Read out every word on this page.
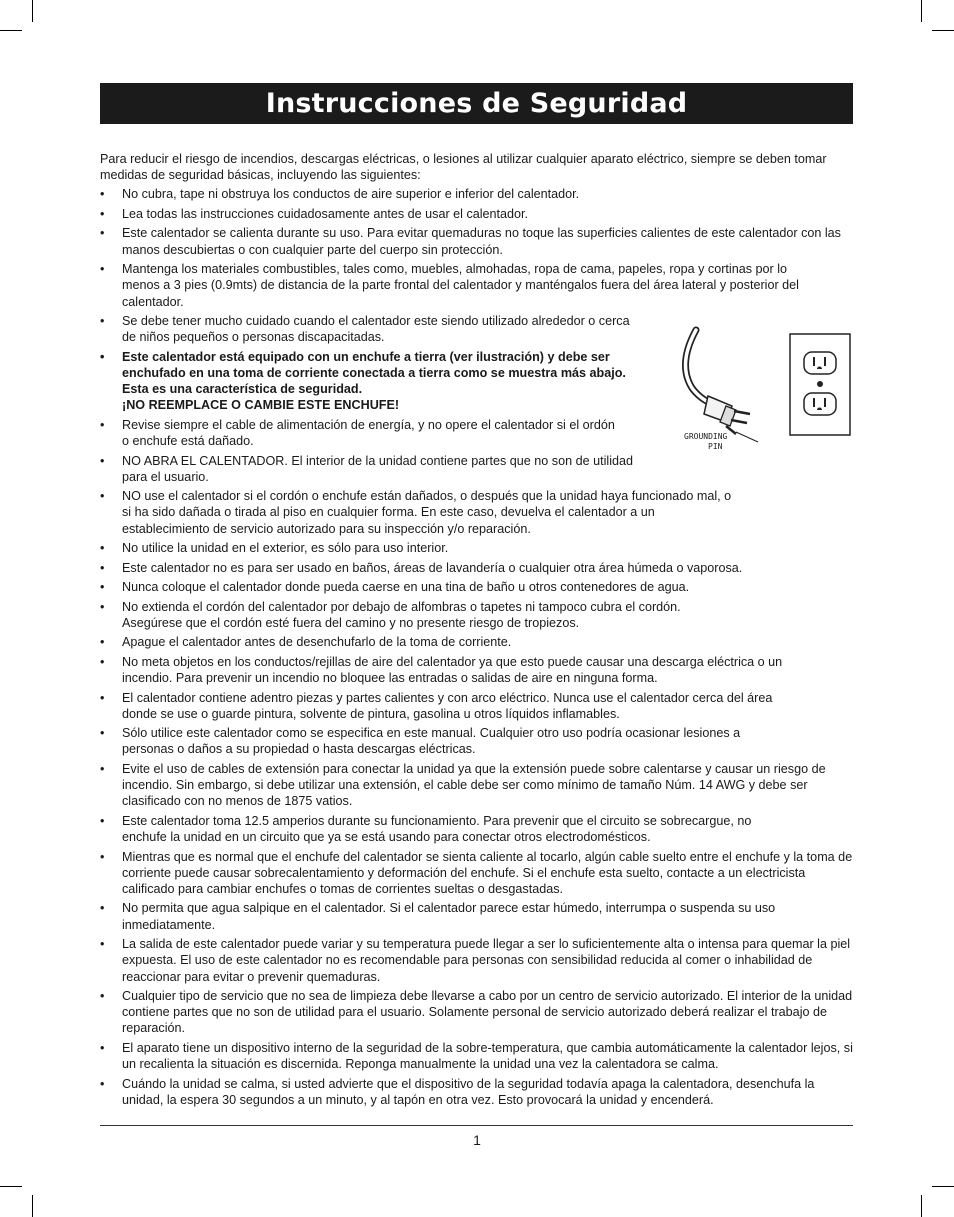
Instrucciones de Seguridad

Para reducir el riesgo de incendios, descargas eléctricas, o lesiones al utilizar cualquier aparato eléctrico, siempre se deben tomar medidas de seguridad básicas, incluyendo las siguientes:

• No cubra, tape ni obstruya los conductos de aire superior e inferior del calentador.
• Lea todas las instrucciones cuidadosamente antes de usar el calentador.
• Este calentador se calienta durante su uso. Para evitar quemaduras no toque las superficies calientes de este calentador con las manos descubiertas o con cualquier parte del cuerpo sin protección.
• Mantenga los materiales combustibles, tales como, muebles, almohadas, ropa de cama, papeles, ropa y cortinas por lo menos a 3 pies (0.9mts) de distancia de la parte frontal del calentador y manténgalos fuera del área lateral y posterior del calentador.
• Se debe tener mucho cuidado cuando el calentador este siendo utilizado alrededor o cerca de niños pequeños o personas discapacitadas.
• Este calentador está equipado con un enchufe a tierra (ver ilustración) y debe ser enchufado en una toma de corriente conectada a tierra como se muestra más abajo. Esta es una característica de seguridad.
¡NO REEMPLACE O CAMBIE ESTE ENCHUFE!
• Revise siempre el cable de alimentación de energía, y no opere el calentador si el ordón o enchufe está dañado.
• NO ABRA EL CALENTADOR. El interior de la unidad contiene partes que no son de utilidad para el usuario.
• NO use el calentador si el cordón o enchufe están dañados, o después que la unidad haya funcionado mal, o si ha sido dañada o tirada al piso en cualquier forma. En este caso, devuelva el calentador a un establecimiento de servicio autorizado para su inspección y/o reparación.
• No utilice la unidad en el exterior, es sólo para uso interior.
• Este calentador no es para ser usado en baños, áreas de lavandería o cualquier otra área húmeda o vaporosa.
• Nunca coloque el calentador donde pueda caerse en una tina de baño u otros contenedores de agua.
• No extienda el cordón del calentador por debajo de alfombras o tapetes ni tampoco cubra el cordón. Asegúrese que el cordón esté fuera del camino y no presente riesgo de tropiezos.
• Apague el calentador antes de desenchufarlo de la toma de corriente.
• No meta objetos en los conductos/rejillas de aire del calentador ya que esto puede causar una descarga eléctrica o un incendio. Para prevenir un incendio no bloquee las entradas o salidas de aire en ninguna forma.
• El calentador contiene adentro piezas y partes calientes y con arco eléctrico. Nunca use el calentador cerca del área donde se use o guarde pintura, solvente de pintura, gasolina u otros líquidos inflamables.
• Sólo utilice este calentador como se especifica en este manual. Cualquier otro uso podría ocasionar lesiones a personas o daños a su propiedad o hasta descargas eléctricas.
• Evite el uso de cables de extensión para conectar la unidad ya que la extensión puede sobre calentarse y causar un riesgo de incendio. Sin embargo, si debe utilizar una extensión, el cable debe ser como mínimo de tamaño Núm. 14 AWG y debe ser clasificado con no menos de 1875 vatios.
• Este calentador toma 12.5 amperios durante su funcionamiento. Para prevenir que el circuito se sobrecargue, no enchufe la unidad en un circuito que ya se está usando para conectar otros electrodomésticos.
• Mientras que es normal que el enchufe del calentador se sienta caliente al tocarlo, algún cable suelto entre el enchufe y la toma de corriente puede causar sobrecalentamiento y deformación del enchufe. Si el enchufe esta suelto, contacte a un electricista calificado para cambiar enchufes o tomas de corrientes sueltas o desgastadas.
• No permita que agua salpique en el calentador. Si el calentador parece estar húmedo, interrumpa o suspenda su uso inmediatamente.
• La salida de este calentador puede variar y su temperatura puede llegar a ser lo suficientemente alta o intensa para quemar la piel expuesta. El uso de este calentador no es recomendable para personas con sensibilidad reducida al comer o inhabilidad de reaccionar para evitar o prevenir quemaduras.
• Cualquier tipo de servicio que no sea de limpieza debe llevarse a cabo por un centro de servicio autorizado. El interior de la unidad contiene partes que no son de utilidad para el usuario. Solamente personal de servicio autorizado deberá realizar el trabajo de reparación.
• El aparato tiene un dispositivo interno de la seguridad de la sobre-temperatura, que cambia automáticamente la calentador lejos, si un recalienta la situación es discernida. Reponga manualmente la unidad una vez la calentadora se calma.
• Cuándo la unidad se calma, si usted advierte que el dispositivo de la seguridad todavía apaga la calentadora, desenchufa la unidad, la espera 30 segundos a un minuto, y al tapón en otra vez. Esto provocará la unidad y encenderá.
GROUNDING
PIN
1
